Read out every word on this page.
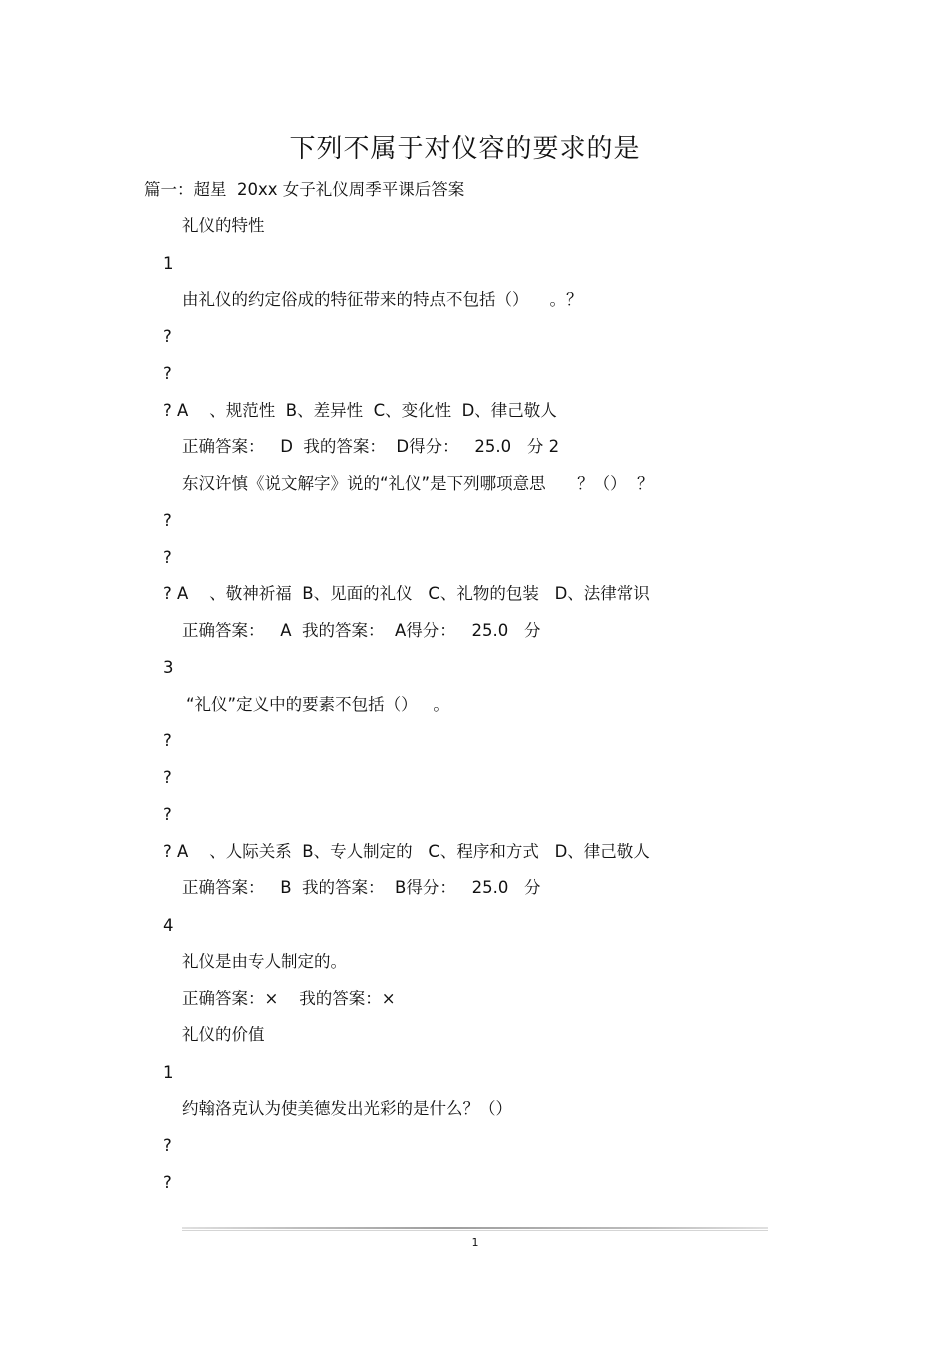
下列不属于对仪容的要求的是
篇一：超星  20xx 女子礼仪周季平课后答案
礼仪的特性
1
由礼仪的约定俗成的特征带来的特点不包括（）    。？
?
?
? A    、规范性  B、差异性  C、变化性  D、律己敬人
正确答案：   D  我的答案：  D得分：   25.0   分 2
东汉许慎《说文解字》说的“礼仪”是下列哪项意思      ？（）  ？
?
?
? A    、敬神祈福  B、见面的礼仪   C、礼物的包装   D、法律常识
正确答案：   A  我的答案：  A得分：   25.0   分
3
“礼仪”定义中的要素不包括（）   。
?
?
?
? A    、人际关系  B、专人制定的   C、程序和方式   D、律己敬人
正确答案：   B  我的答案：  B得分：   25.0   分
4
礼仪是由专人制定的。
正确答案：×    我的答案：×
礼仪的价值
1
约翰洛克认为使美德发出光彩的是什么？（）
?
?
1
